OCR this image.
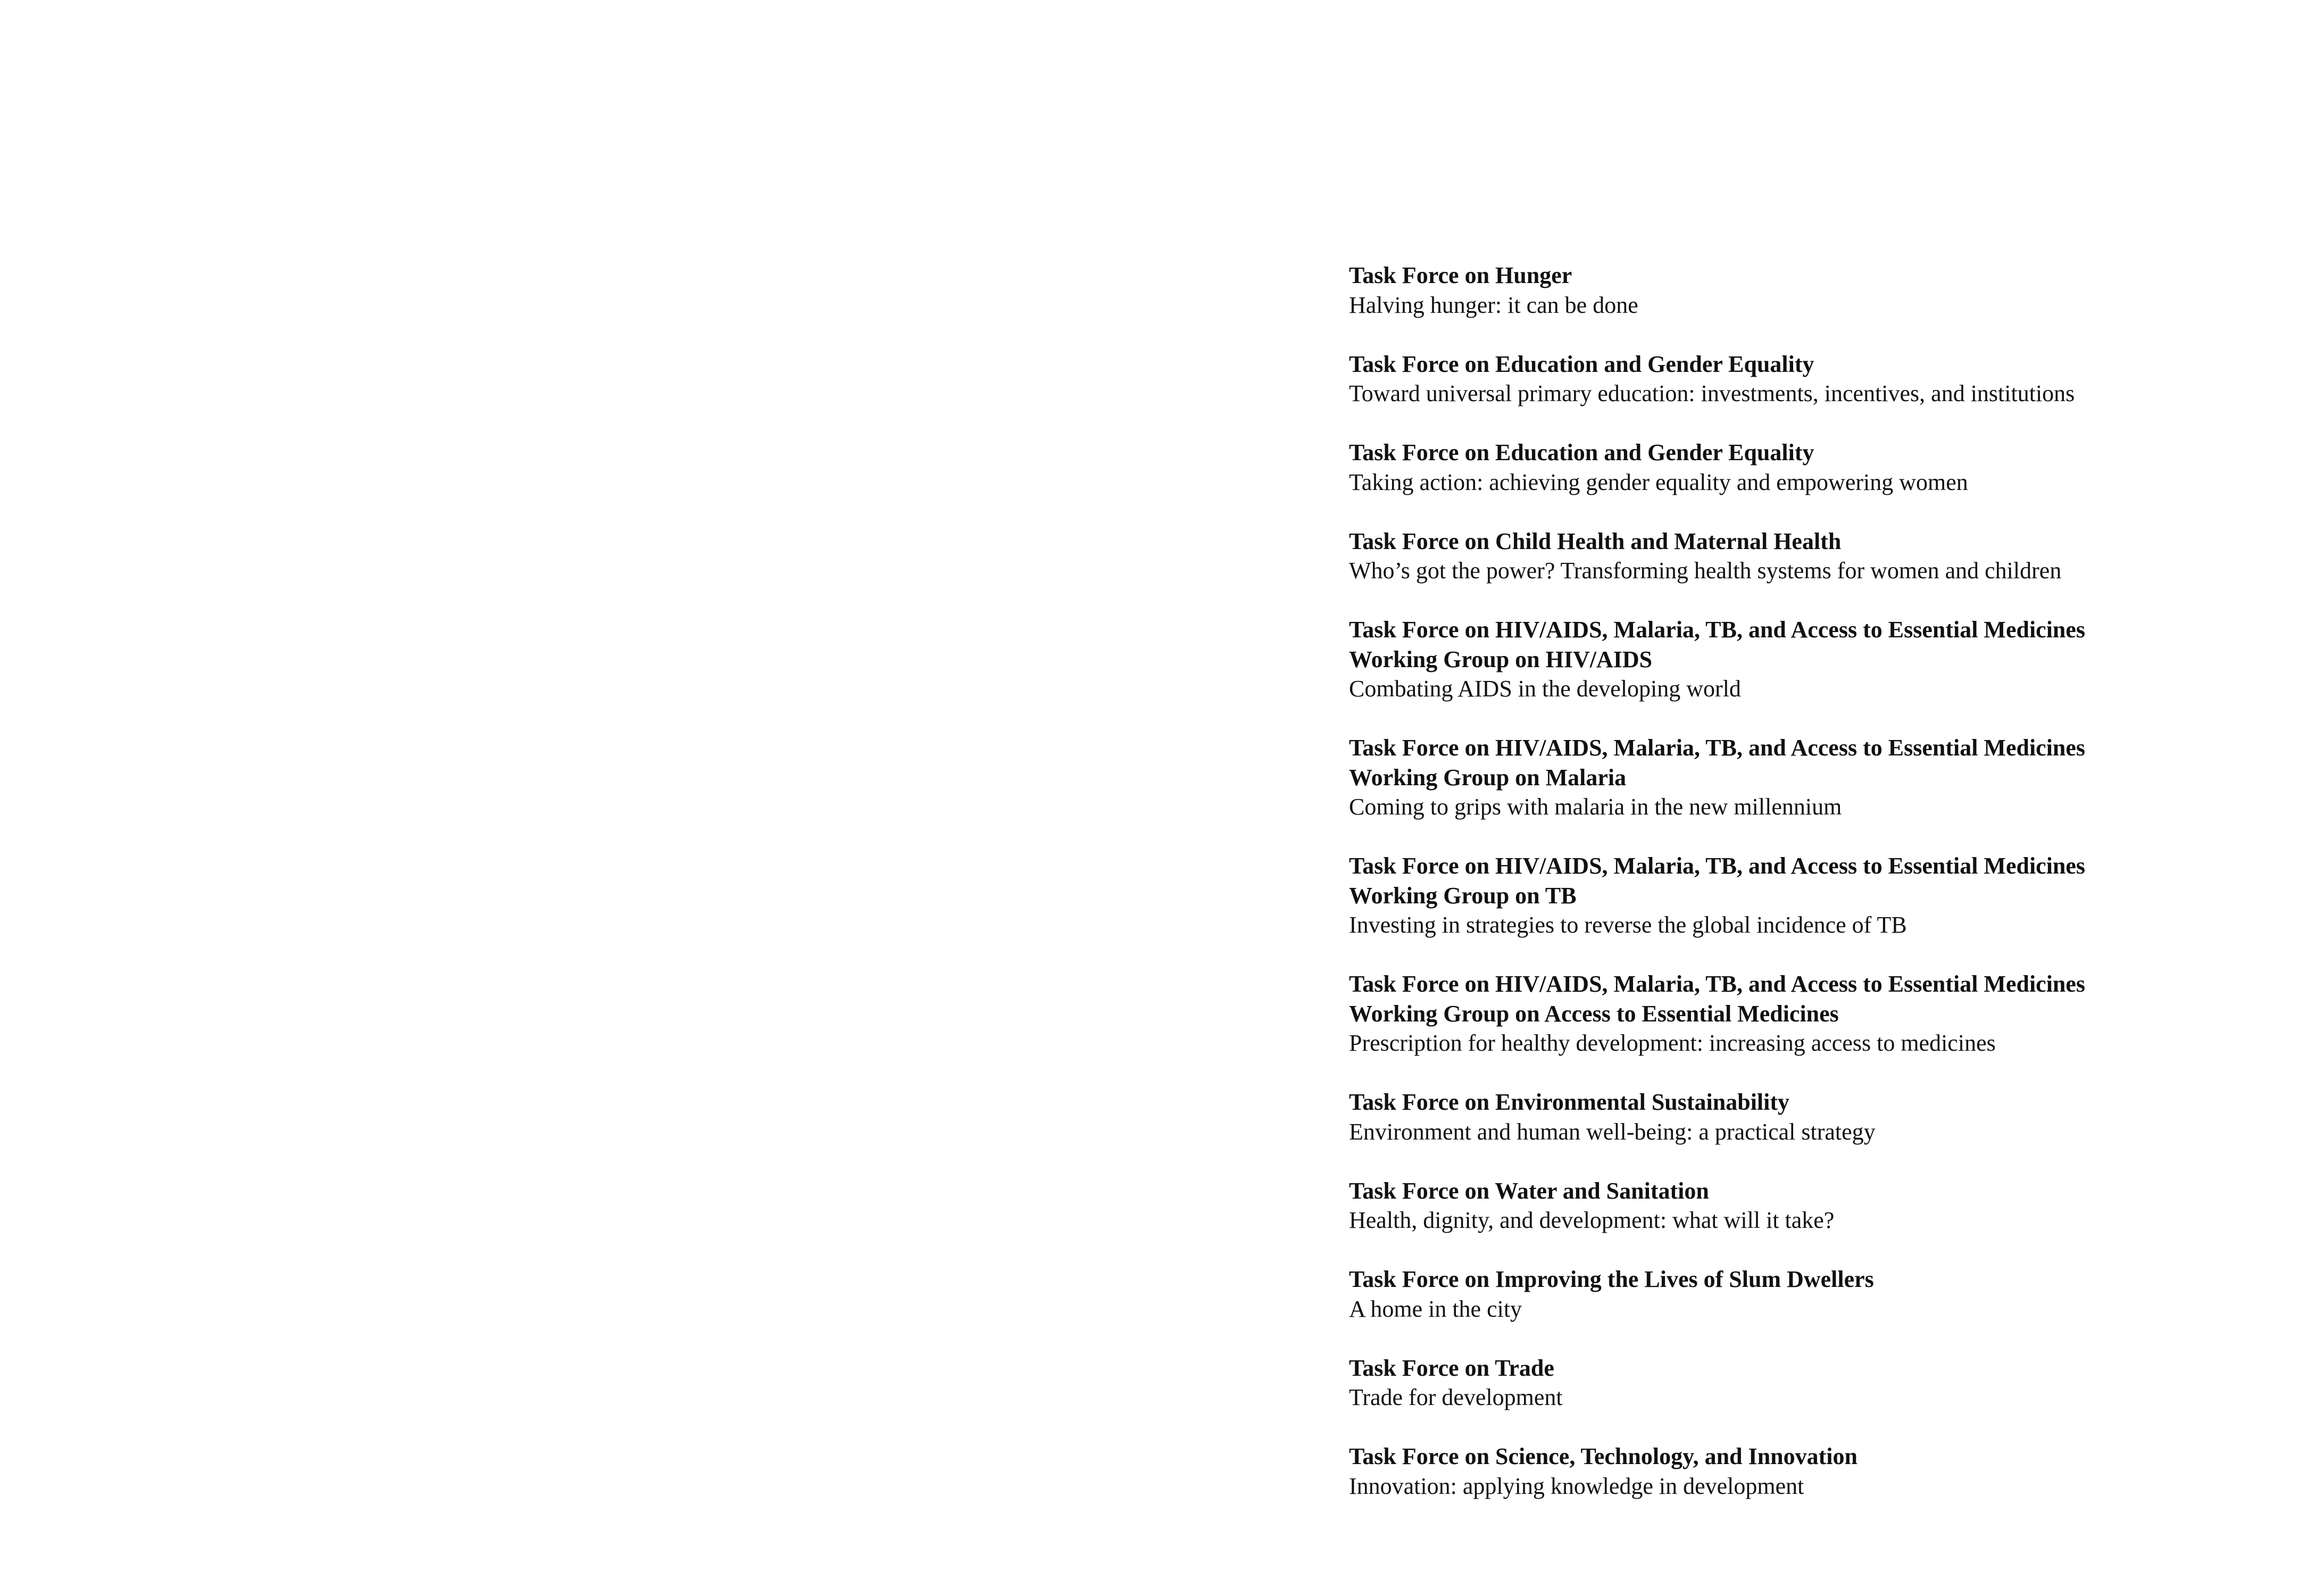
Task Force on Hunger
Halving hunger: it can be done
Task Force on Education and Gender Equality
Toward universal primary education: investments, incentives, and institutions
Task Force on Education and Gender Equality
Taking action: achieving gender equality and empowering women
Task Force on Child Health and Maternal Health
Who’s got the power? Transforming health systems for women and children
Task Force on HIV/AIDS, Malaria, TB, and Access to Essential Medicines
Working Group on HIV/AIDS
Combating AIDS in the developing world
Task Force on HIV/AIDS, Malaria, TB, and Access to Essential Medicines
Working Group on Malaria
Coming to grips with malaria in the new millennium
Task Force on HIV/AIDS, Malaria, TB, and Access to Essential Medicines
Working Group on TB
Investing in strategies to reverse the global incidence of TB
Task Force on HIV/AIDS, Malaria, TB, and Access to Essential Medicines
Working Group on Access to Essential Medicines
Prescription for healthy development: increasing access to medicines
Task Force on Environmental Sustainability
Environment and human well-being: a practical strategy
Task Force on Water and Sanitation
Health, dignity, and development: what will it take?
Task Force on Improving the Lives of Slum Dwellers
A home in the city
Task Force on Trade
Trade for development
Task Force on Science, Technology, and Innovation
Innovation: applying knowledge in development
